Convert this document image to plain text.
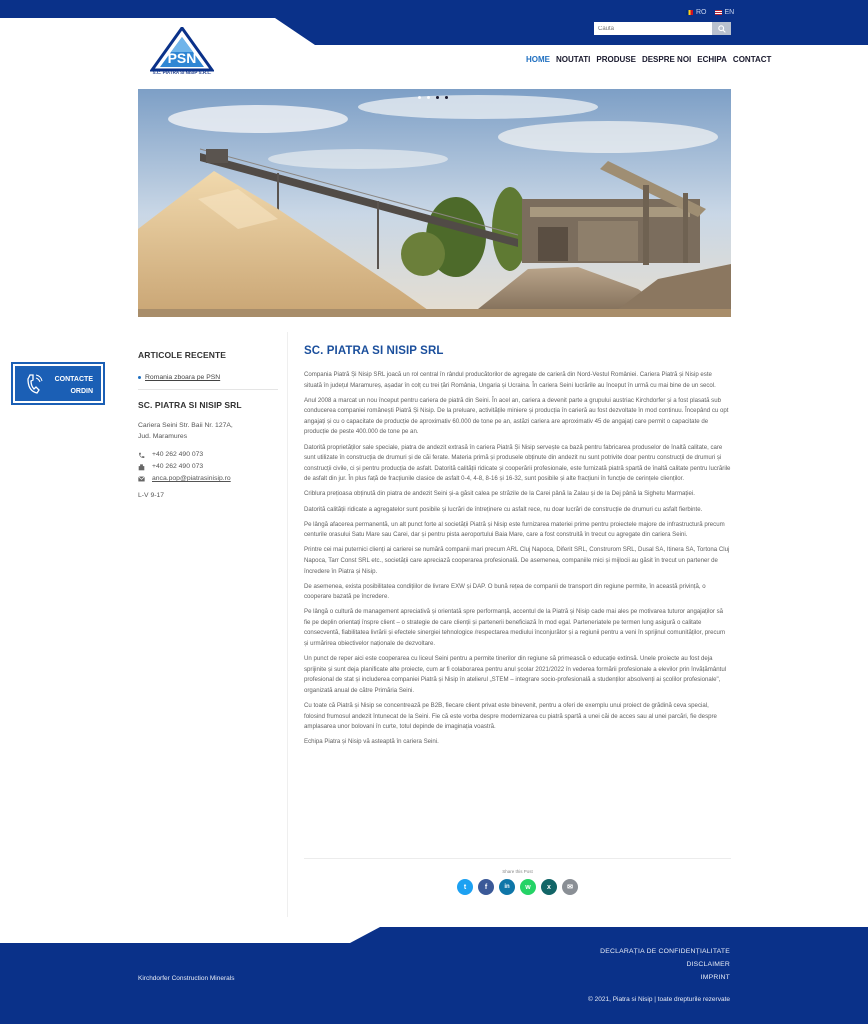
RO	EN
Caută
PSN
S.C. PIATRA SI NISIP S.R.L.
HOME NOUTATI PRODUSE DESPRE NOI ECHIPA CONTACT
CONTACTE
ORDIN
ARTICOLE RECENTE
Romania zboara pe PSN
SC. PIATRA SI NISIP SRL
Cariera Seini Str. Baii Nr. 127A,
Jud. Maramures
+40 262 490 073
+40 262 490 073
anca.pop@piatrasinisip.ro
L-V 9-17
SC. PIATRA SI NISIP SRL

Compania Piatră Și Nisip SRL joacă un rol central în rândul producătorilor de agregate de carieră din Nord-Vestul României. Cariera Piatră și Nisip este situată în județul Maramureș, așadar în colț cu trei țări România, Ungaria și Ucraina. În cariera Seini lucrările au început în urmă cu mai bine de un secol.

Anul 2008 a marcat un nou început pentru cariera de piatră din Seini. În acel an, cariera a devenit parte a grupului austriac Kirchdorfer și a fost plasată sub conducerea companiei românești Piatră Și Nisip. De la preluare, activitățile miniere și producția în carieră au fost dezvoltate în mod continuu. Începând cu opt angajați și cu o capacitate de producție de aproximativ 60.000 de tone pe an, astăzi cariera are aproximativ 45 de angajați care permit o capacitate de producție de peste 400.000 de tone pe an.

Datorită proprietăților sale speciale, piatra de andezit extrasă în cariera Piatră Și Nisip servește ca bază pentru fabricarea produselor de înaltă calitate, care sunt utilizate în construcția de drumuri și de căi ferate. Materia primă și produsele obținute din andezit nu sunt potrivite doar pentru construcții de drumuri și construcții civile, ci și pentru producția de asfalt. Datorită calității ridicate și cooperării profesionale, este furnizată piatră spartă de înaltă calitate pentru lucrările de asfalt din jur. În plus față de fracțiunile clasice de asfalt 0-4, 4-8, 8-16 și 16-32, sunt posibile și alte fracțiuni în funcție de cerințele clienților.

Criblura prețioasa obținută din piatra de andezit Seini și-a găsit calea pe străzile de la Carei până la Zalau și de la Dej până la Sighetu Marmației.

Datorită calității ridicate a agregatelor sunt posibile și lucrări de întreținere cu asfalt rece, nu doar lucrări de construcție de drumuri cu asfalt fierbinte.

Pe lângă afacerea permanentă, un alt punct forte al societății Piatră și Nisip este furnizarea materiei prime pentru proiectele majore de infrastructură precum centurile orasului Satu Mare sau Carei, dar și pentru pista aeroportului Baia Mare, care a fost construită în trecut cu agregate din cariera Seini.

Printre cei mai puternici clienți ai carierei se numără companii mari precum ARL Cluj Napoca, Diferit SRL, Construrom SRL, Dusal SA, Itinera SA, Tortona Cluj Napoca, Tarr Const SRL etc., societății care apreciază cooperarea profesională. De asemenea, companiile mici și mijlocii au găsit în trecut un partener de încredere în Piatra și Nisip.

De asemenea, exista posibilitatea condițiilor de livrare EXW și DAP. O bună rețea de companii de transport din regiune permite, în această privință, o cooperare bazată pe încredere.

Pe lângă o cultură de management apreciativă și orientată spre performanță, accentul de la Piatră și Nisip cade mai ales pe motivarea tuturor angajaților să fie pe deplin orientați înspre client – o strategie de care clienții și partenerii beneficiază în mod egal. Parteneriatele pe termen lung asigură o calitate consecventă, fiabilitatea livrării și efectele sinergiei tehnologice /respectarea mediului înconjurător și a regiunii pentru a veni în sprijinul comunităților, precum și urmărirea obiectivelor naționale de dezvoltare.

Un punct de reper aici este cooperarea cu liceul Seini pentru a permite tinerilor din regiune să primească o educație extinsă. Unele proiecte au fost deja sprijinite și sunt deja planificate alte proiecte, cum ar fi colaborarea pentru anul școlar 2021/2022 în vederea formării profesionale a elevilor prin învățământul profesional de stat și includerea companiei Piatră și Nisip în atelierul „STEM – integrare socio-profesională a studenților absolvenți ai școlilor profesionale", organizată anual de către Primăria Seini.

Cu toate că Piatră și Nisip se concentrează pe B2B, fiecare client privat este binevenit, pentru a oferi de exemplu unui proiect de grădină ceva special, folosind frumosul andezit întunecat de la Seini. Fie că este vorba despre modernizarea cu piatră spartă a unei căi de acces sau al unei parcări, fie despre amplasarea unor bolovani în curte, totul depinde de imaginația voastră.

Echipa Piatra și Nisip vă asteaptă în cariera Seini.

Share this Post
t	f	in	w	x	✉
DECLARAȚIA DE CONFIDENȚIALITATE
DISCLAIMER
IMPRINT
Kirchdorfer Construction Minerals
© 2021, Piatra si Nisip | toate drepturile rezervate
